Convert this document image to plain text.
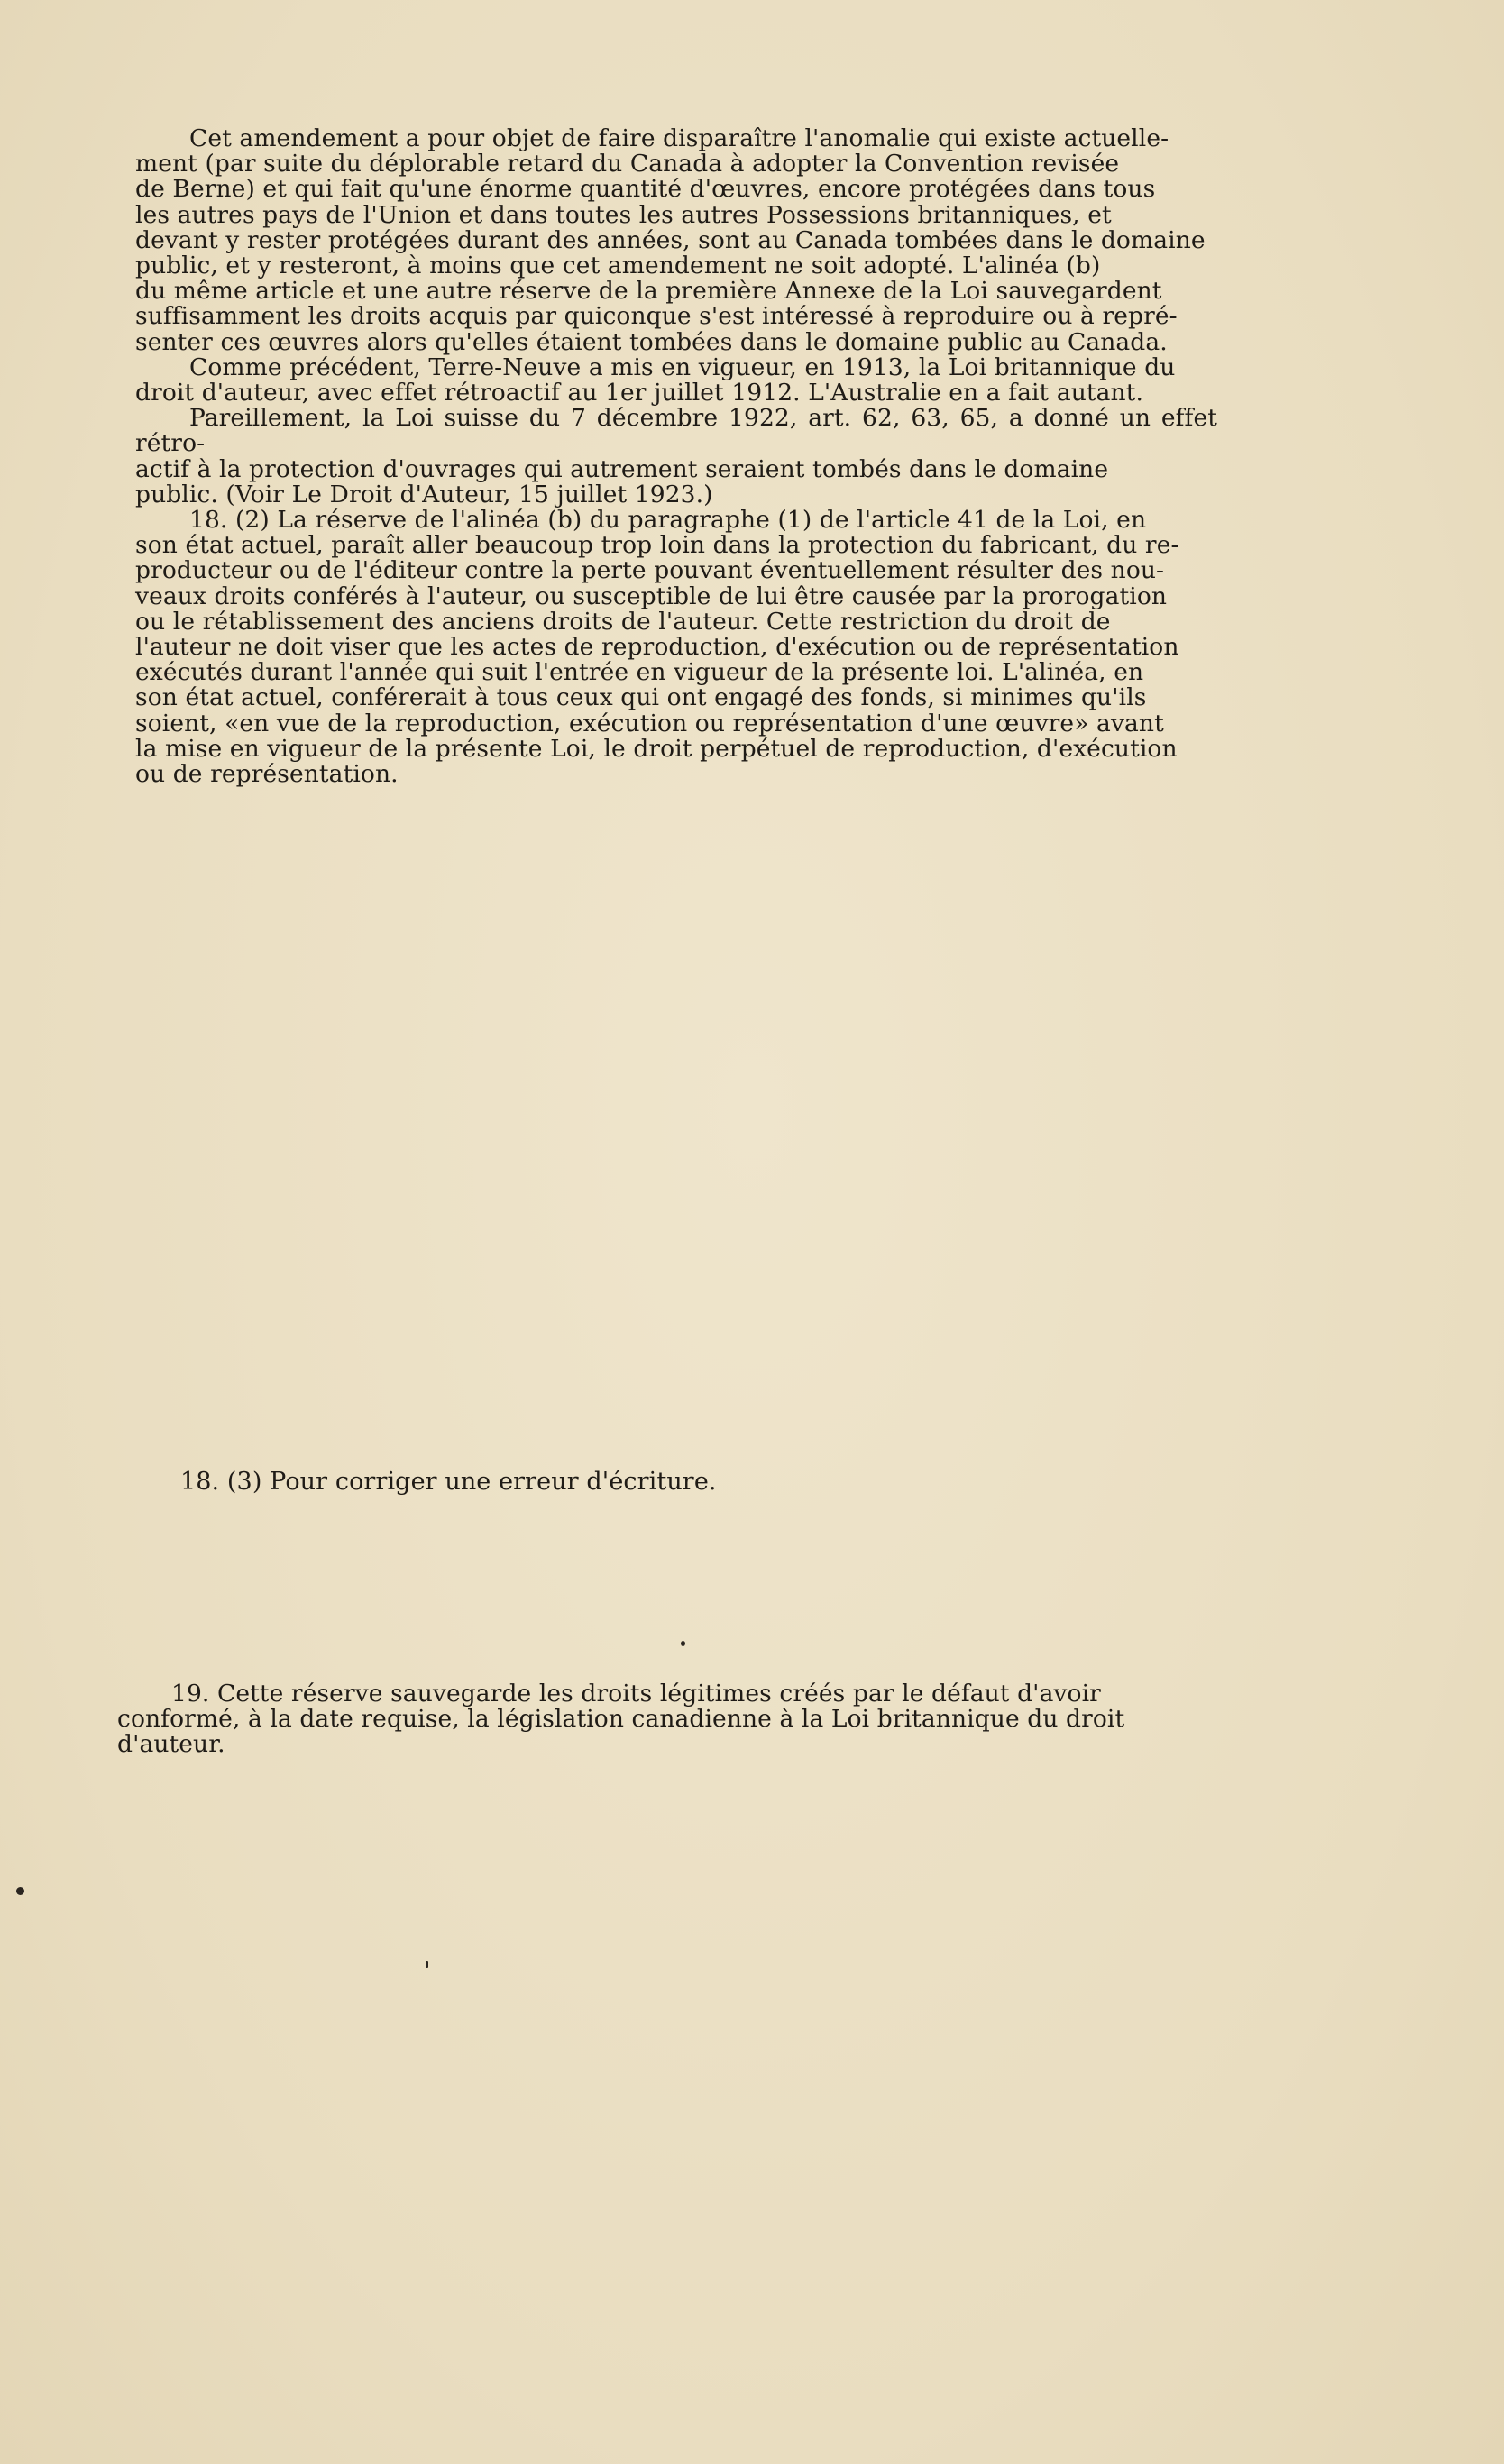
Cet amendement a pour objet de faire disparaître l'anomalie qui existe actuelle-

ment (par suite du déplorable retard du Canada à adopter la Convention revisée

de Berne) et qui fait qu'une énorme quantité d'œuvres, encore protégées dans tous

les autres pays de l'Union et dans toutes les autres Possessions britanniques, et

devant y rester protégées durant des années, sont au Canada tombées dans le domaine

public, et y resteront, à moins que cet amendement ne soit adopté. L'alinéa (b)

du même article et une autre réserve de la première Annexe de la Loi sauvegardent

suffisamment les droits acquis par quiconque s'est intéressé à reproduire ou à repré-

senter ces œuvres alors qu'elles étaient tombées dans le domaine public au Canada.

Comme précédent, Terre-Neuve a mis en vigueur, en 1913, la Loi britannique du

droit d'auteur, avec effet rétroactif au 1er juillet 1912. L'Australie en a fait autant.

Pareillement, la Loi suisse du 7 décembre 1922, art. 62, 63, 65, a donné un effet rétro-

actif à la protection d'ouvrages qui autrement seraient tombés dans le domaine

public. (Voir Le Droit d'Auteur, 15 juillet 1923.)

18. (2) La réserve de l'alinéa (b) du paragraphe (1) de l'article 41 de la Loi, en

son état actuel, paraît aller beaucoup trop loin dans la protection du fabricant, du re-

producteur ou de l'éditeur contre la perte pouvant éventuellement résulter des nou-

veaux droits conférés à l'auteur, ou susceptible de lui être causée par la prorogation

ou le rétablissement des anciens droits de l'auteur. Cette restriction du droit de

l'auteur ne doit viser que les actes de reproduction, d'exécution ou de représentation

exécutés durant l'année qui suit l'entrée en vigueur de la présente loi. L'alinéa, en

son état actuel, conférerait à tous ceux qui ont engagé des fonds, si minimes qu'ils

soient, «en vue de la reproduction, exécution ou représentation d'une œuvre» avant

la mise en vigueur de la présente Loi, le droit perpétuel de reproduction, d'exécution

ou de représentation.

18. (3) Pour corriger une erreur d'écriture.

19. Cette réserve sauvegarde les droits légitimes créés par le défaut d'avoir

conformé, à la date requise, la législation canadienne à la Loi britannique du droit

d'auteur.
